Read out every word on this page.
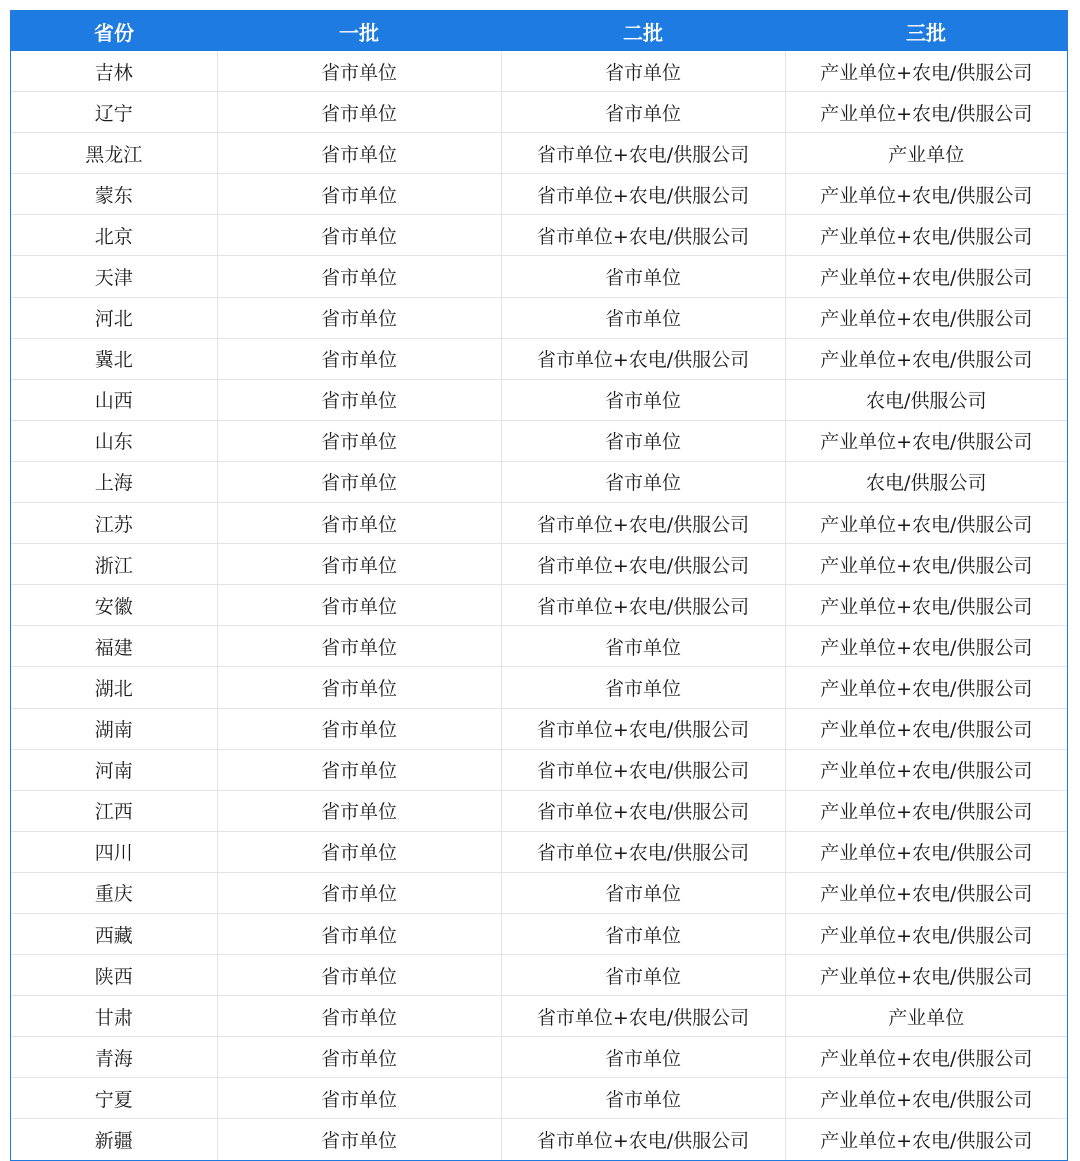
省份	一批	二批	三批
吉林	省市单位	省市单位	产业单位+农电/供服公司
辽宁	省市单位	省市单位	产业单位+农电/供服公司
黑龙江	省市单位	省市单位+农电/供服公司	产业单位
蒙东	省市单位	省市单位+农电/供服公司	产业单位+农电/供服公司
北京	省市单位	省市单位+农电/供服公司	产业单位+农电/供服公司
天津	省市单位	省市单位	产业单位+农电/供服公司
河北	省市单位	省市单位	产业单位+农电/供服公司
冀北	省市单位	省市单位+农电/供服公司	产业单位+农电/供服公司
山西	省市单位	省市单位	农电/供服公司
山东	省市单位	省市单位	产业单位+农电/供服公司
上海	省市单位	省市单位	农电/供服公司
江苏	省市单位	省市单位+农电/供服公司	产业单位+农电/供服公司
浙江	省市单位	省市单位+农电/供服公司	产业单位+农电/供服公司
安徽	省市单位	省市单位+农电/供服公司	产业单位+农电/供服公司
福建	省市单位	省市单位	产业单位+农电/供服公司
湖北	省市单位	省市单位	产业单位+农电/供服公司
湖南	省市单位	省市单位+农电/供服公司	产业单位+农电/供服公司
河南	省市单位	省市单位+农电/供服公司	产业单位+农电/供服公司
江西	省市单位	省市单位+农电/供服公司	产业单位+农电/供服公司
四川	省市单位	省市单位+农电/供服公司	产业单位+农电/供服公司
重庆	省市单位	省市单位	产业单位+农电/供服公司
西藏	省市单位	省市单位	产业单位+农电/供服公司
陕西	省市单位	省市单位	产业单位+农电/供服公司
甘肃	省市单位	省市单位+农电/供服公司	产业单位
青海	省市单位	省市单位	产业单位+农电/供服公司
宁夏	省市单位	省市单位	产业单位+农电/供服公司
新疆	省市单位	省市单位+农电/供服公司	产业单位+农电/供服公司
